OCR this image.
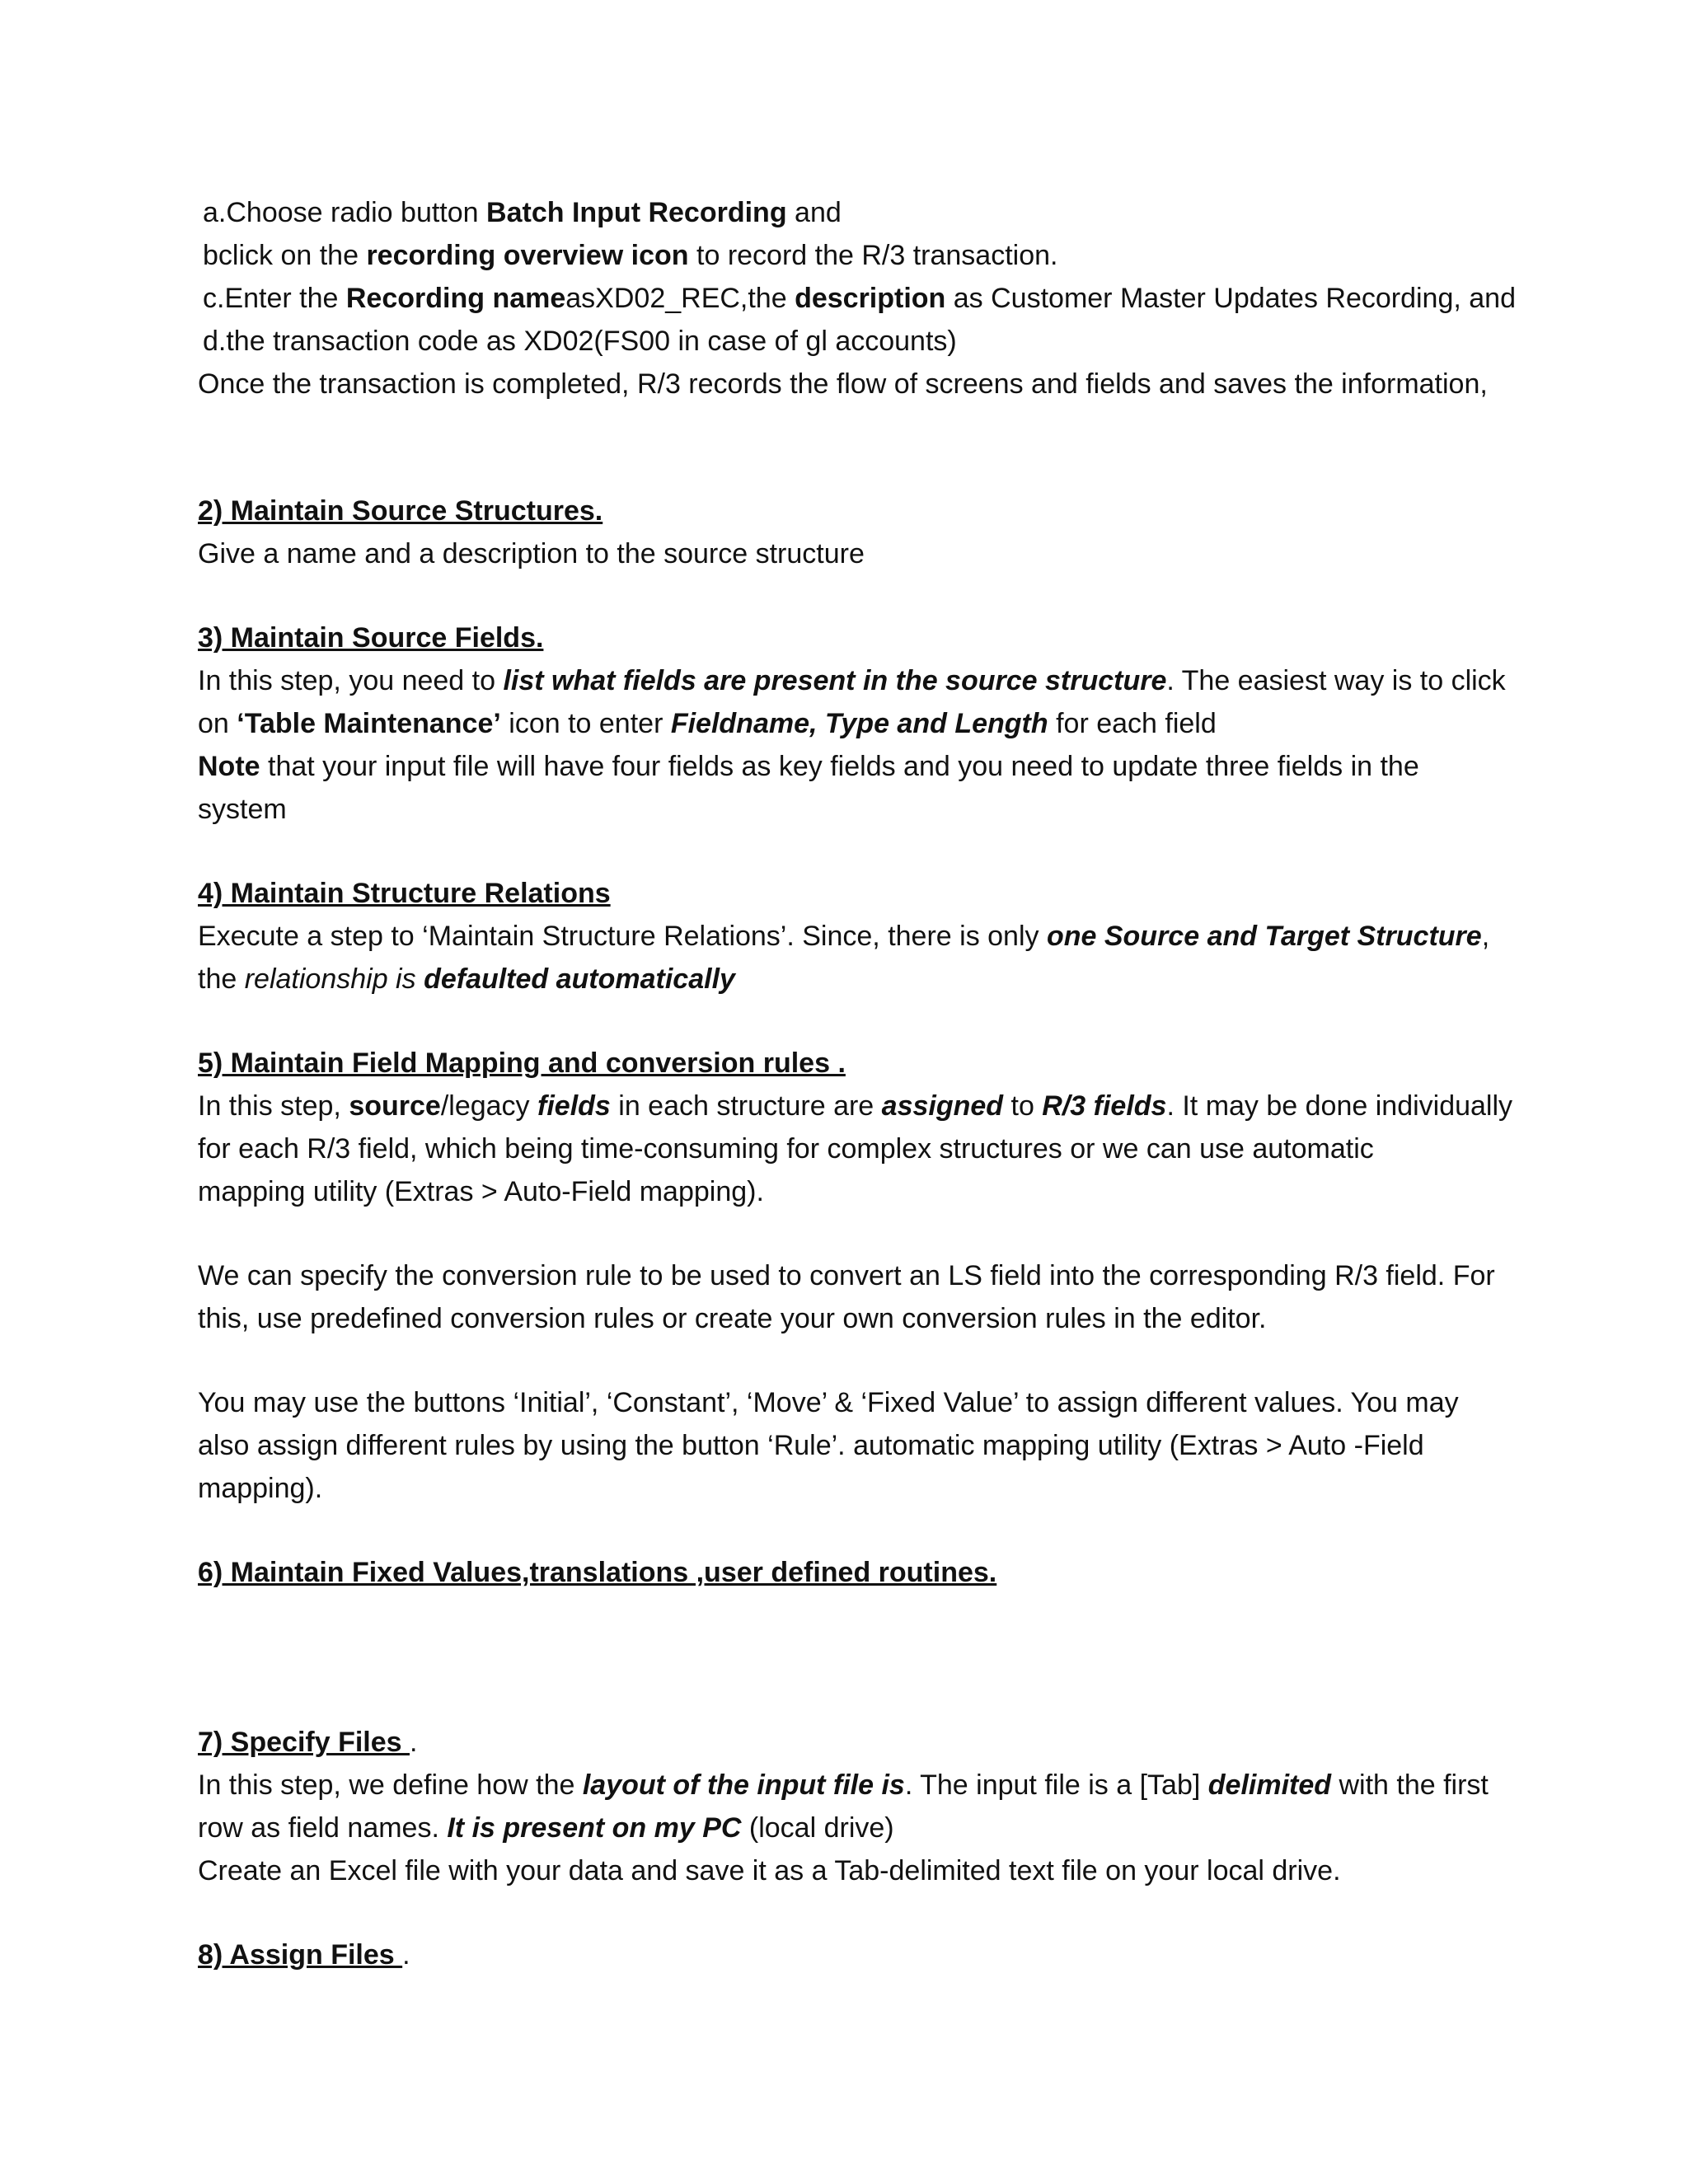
a.Choose radio button Batch Input Recording and
bclick on the recording overview icon to record the R/3 transaction.
c.Enter the Recording nameasXD02_REC,the description as Customer Master Updates Recording, and
d.the transaction code as XD02(FS00 in case of gl accounts)
Once the transaction is completed, R/3 records the flow of screens and fields and saves the information,
2) Maintain Source Structures.
Give a name and a description to the source structure
3) Maintain Source Fields.
In this step, you need to list what fields are present in the source structure. The easiest way is to click
on ‘Table Maintenance’ icon to enter Fieldname, Type and Length for each field
Note that your input file will have four fields as key fields and you need to update three fields in the
system
4) Maintain Structure Relations
Execute a step to ‘Maintain Structure Relations’. Since, there is only one Source and Target Structure,
the relationship is defaulted automatically
5) Maintain Field Mapping and conversion rules .
In this step, source/legacy fields in each structure are assigned to R/3 fields. It may be done individually
for each R/3 field, which being time-consuming for complex structures or we can use automatic
mapping utility (Extras > Auto-Field mapping).
We can specify the conversion rule to be used to convert an LS field into the corresponding R/3 field. For
this, use predefined conversion rules or create your own conversion rules in the editor.
You may use the buttons ‘Initial’, ‘Constant’, ‘Move’ & ‘Fixed Value’ to assign different values. You may
also assign different rules by using the button ‘Rule’. automatic mapping utility (Extras > Auto -Field
mapping).
6) Maintain Fixed Values,translations ,user defined routines.
7) Specify Files .
In this step, we define how the layout of the input file is. The input file is a [Tab] delimited with the first
row as field names. It is present on my PC (local drive)
Create an Excel file with your data and save it as a Tab-delimited text file on your local drive.
8) Assign Files .
